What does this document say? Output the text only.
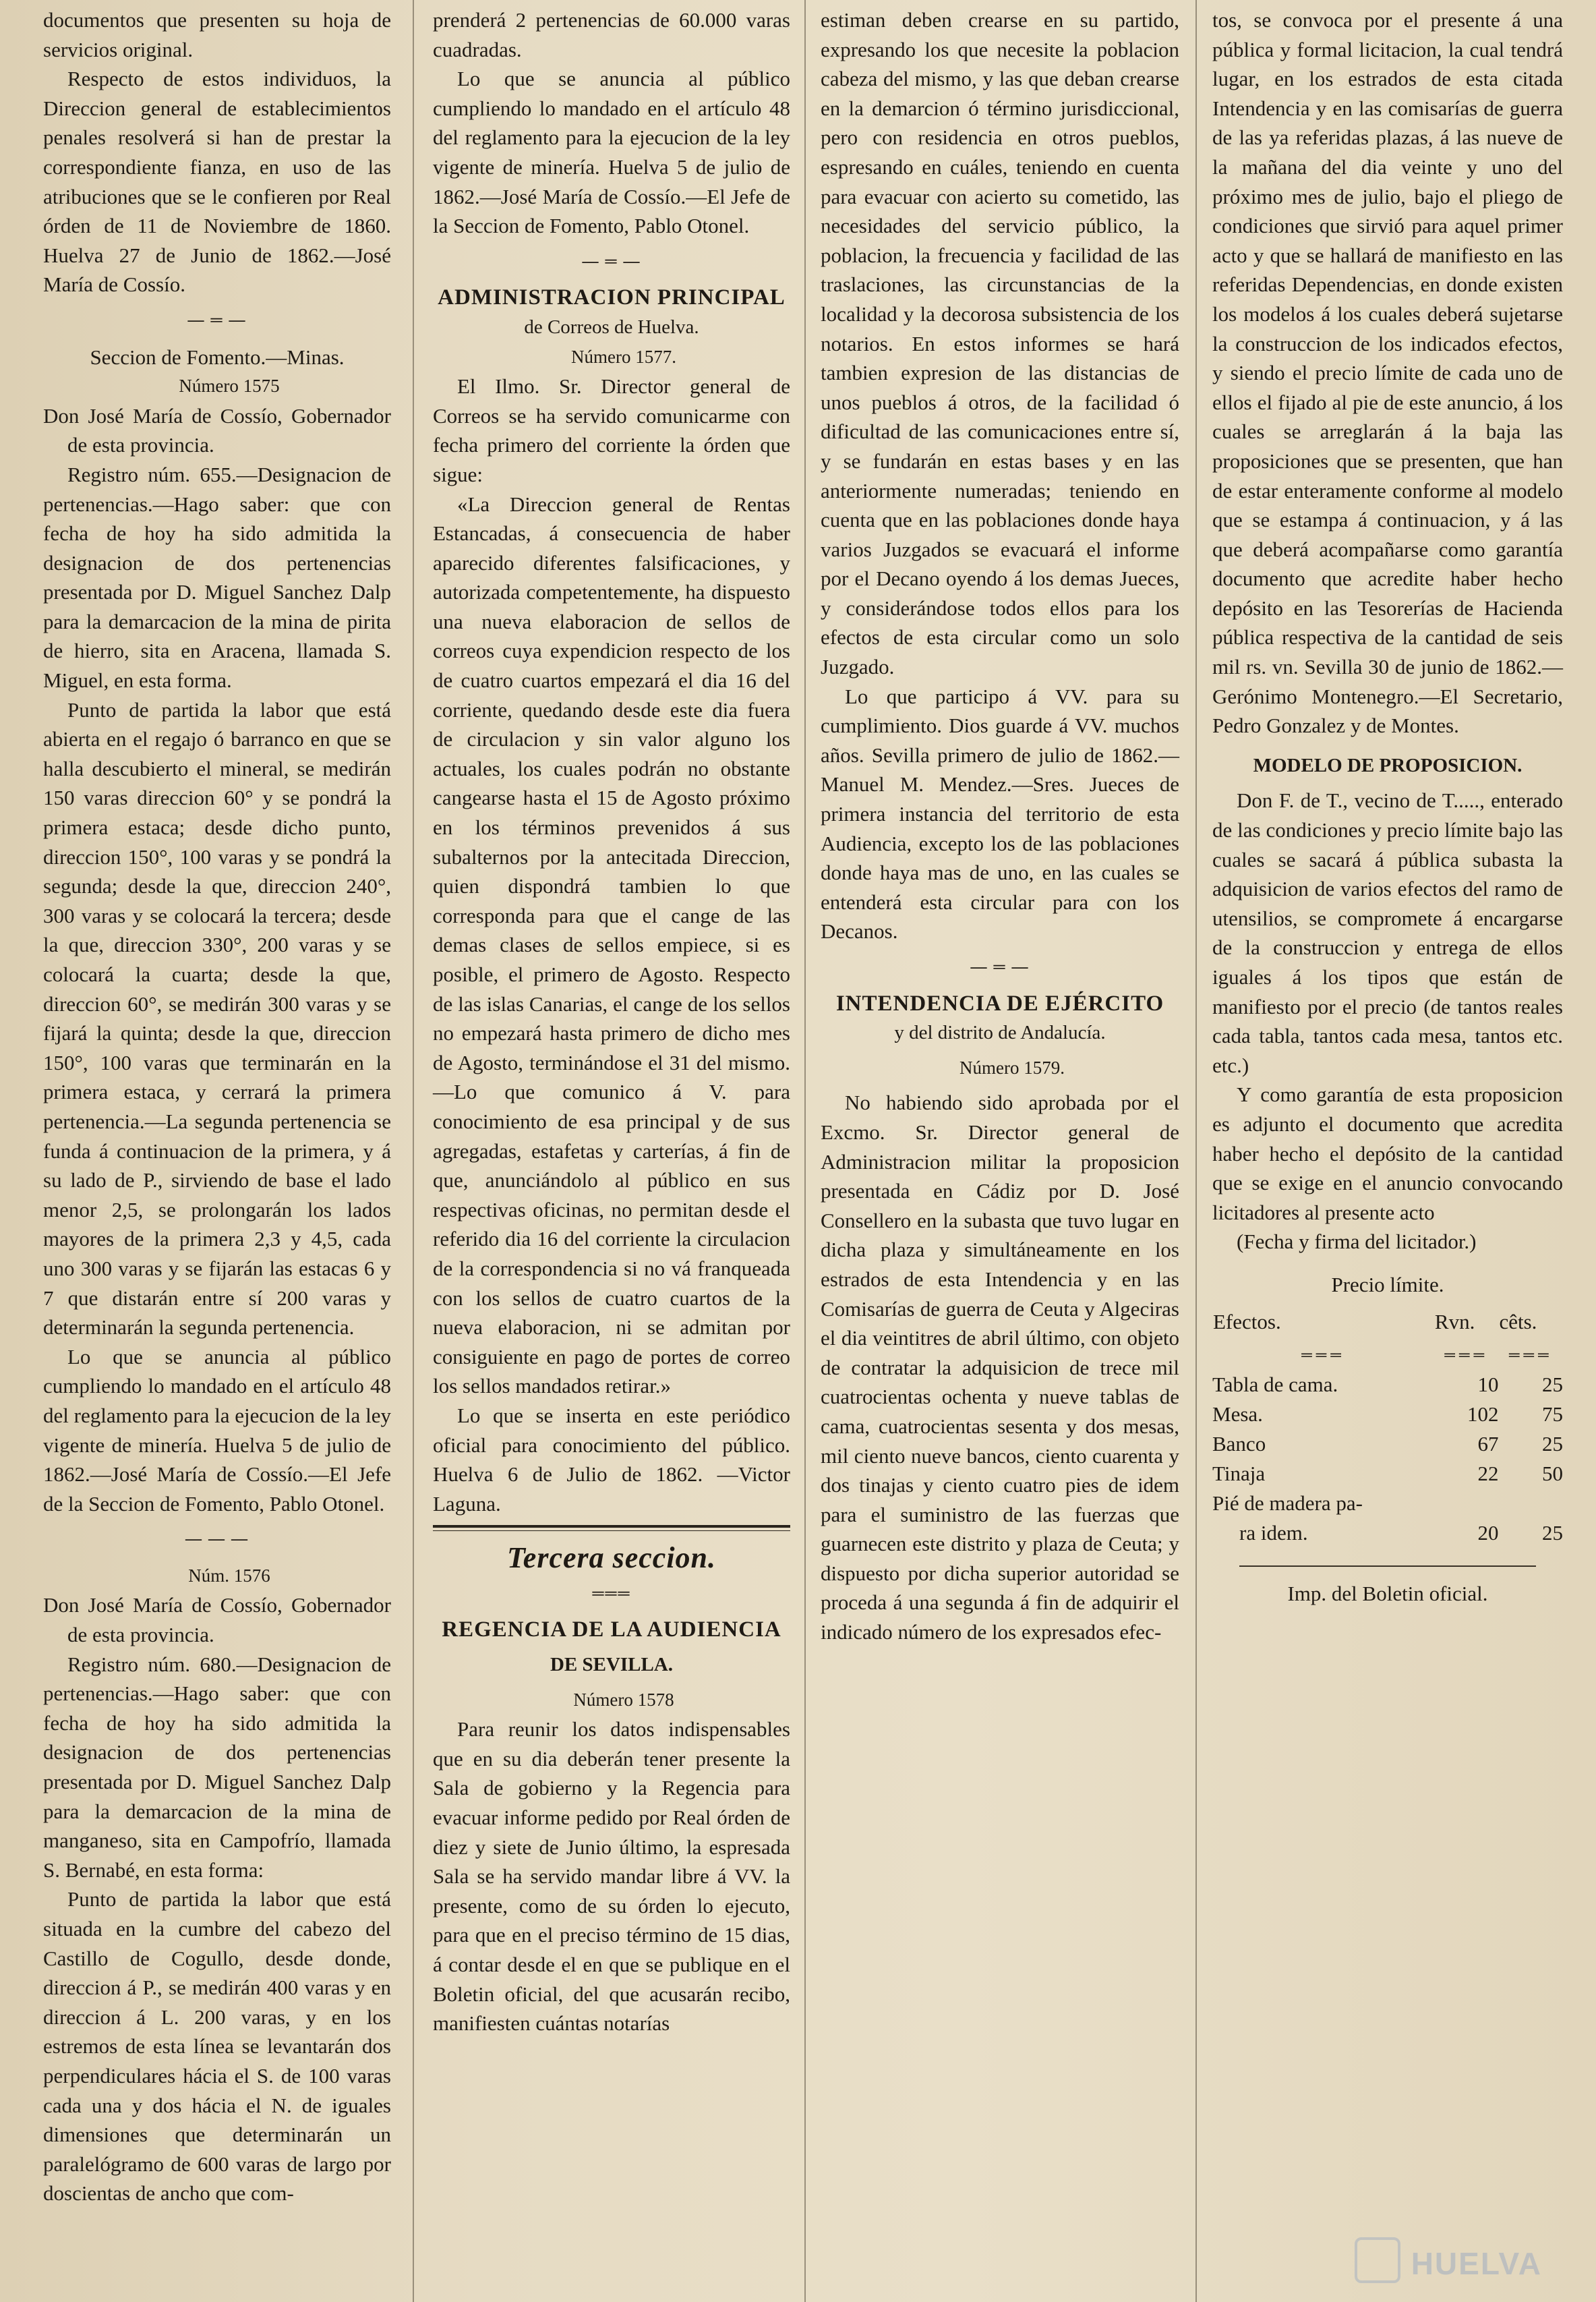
documentos que presenten su hoja de servicios original.

Respecto de estos individuos, la Direccion general de establecimientos penales resolverá si han de prestar la correspondiente fianza, en uso de las atribuciones que se le confieren por Real órden de 11 de Noviembre de 1860. Huelva 27 de Junio de 1862.—José María de Cossío.

— ═ —
Seccion de Fomento.—Minas.

Número 1575

Don José María de Cossío, Gobernador de esta provincia.

Registro núm. 655.—Designacion de pertenencias.—Hago saber: que con fecha de hoy ha sido admitida la designacion de dos pertenencias presentada por D. Miguel Sanchez Dalp para la demarcacion de la mina de pirita de hierro, sita en Aracena, llamada S. Miguel, en esta forma.

Punto de partida la labor que está abierta en el regajo ó barranco en que se halla descubierto el mineral, se medirán 150 varas direccion 60° y se pondrá la primera estaca; desde dicho punto, direccion 150°, 100 varas y se pondrá la segunda; desde la que, direccion 240°, 300 varas y se colocará la tercera; desde la que, direccion 330°, 200 varas y se colocará la cuarta; desde la que, direccion 60°, se medirán 300 varas y se fijará la quinta; desde la que, direccion 150°, 100 varas que terminarán en la primera estaca, y cerrará la primera pertenencia.—La segunda pertenencia se funda á continuacion de la primera, y á su lado de P., sirviendo de base el lado menor 2,5, se prolongarán los lados mayores de la primera 2,3 y 4,5, cada uno 300 varas y se fijarán las estacas 6 y 7 que distarán entre sí 200 varas y determinarán la segunda pertenencia.

Lo que se anuncia al público cumpliendo lo mandado en el artículo 48 del reglamento para la ejecucion de la ley vigente de minería. Huelva 5 de julio de 1862.—José María de Cossío.—El Jefe de la Seccion de Fomento, Pablo Otonel.

— — —

Núm. 1576

Don José María de Cossío, Gobernador de esta provincia.

Registro núm. 680.—Designacion de pertenencias.—Hago saber: que con fecha de hoy ha sido admitida la designacion de dos pertenencias presentada por D. Miguel Sanchez Dalp para la demarcacion de la mina de manganeso, sita en Campofrío, llamada S. Bernabé, en esta forma:

Punto de partida la labor que está situada en la cumbre del cabezo del Castillo de Cogullo, desde donde, direccion á P., se medirán 400 varas y en direccion á L. 200 varas, y en los estremos de esta línea se levantarán dos perpendiculares hácia el S. de 100 varas cada una y dos hácia el N. de iguales dimensiones que determinarán un paralelógramo de 600 varas de largo por doscientas de ancho que com-

prenderá 2 pertenencias de 60.000 varas cuadradas.

Lo que se anuncia al público cumpliendo lo mandado en el artículo 48 del reglamento para la ejecucion de la ley vigente de minería. Huelva 5 de julio de 1862.—José María de Cossío.—El Jefe de la Seccion de Fomento, Pablo Otonel.

— ═ —
ADMINISTRACION PRINCIPAL
de Correos de Huelva.

Número 1577.

El Ilmo. Sr. Director general de Correos se ha servido comunicarme con fecha primero del corriente la órden que sigue:

«La Direccion general de Rentas Estancadas, á consecuencia de haber aparecido diferentes falsificaciones, y autorizada competentemente, ha dispuesto una nueva elaboracion de sellos de correos cuya expendicion respecto de los de cuatro cuartos empezará el dia 16 del corriente, quedando desde este dia fuera de circulacion y sin valor alguno los actuales, los cuales podrán no obstante cangearse hasta el 15 de Agosto próximo en los términos prevenidos á sus subalternos por la antecitada Direccion, quien dispondrá tambien lo que corresponda para que el cange de las demas clases de sellos empiece, si es posible, el primero de Agosto. Respecto de las islas Canarias, el cange de los sellos no empezará hasta primero de dicho mes de Agosto, terminándose el 31 del mismo.—Lo que comunico á V. para conocimiento de esa principal y de sus agregadas, estafetas y carterías, á fin de que, anunciándolo al público en sus respectivas oficinas, no permitan desde el referido dia 16 del corriente la circulacion de la correspondencia si no vá franqueada con los sellos de cuatro cuartos de la nueva elaboracion, ni se admitan por consiguiente en pago de portes de correo los sellos mandados retirar.»

Lo que se inserta en este periódico oficial para conocimiento del público. Huelva 6 de Julio de 1862. —Victor Laguna.

Tercera seccion.
═══
REGENCIA DE LA AUDIENCIA
DE SEVILLA.

Número 1578

Para reunir los datos indispensables que en su dia deberán tener presente la Sala de gobierno y la Regencia para evacuar informe pedido por Real órden de diez y siete de Junio último, la espresada Sala se ha servido mandar libre á VV. la presente, como de su órden lo ejecuto, para que en el preciso término de 15 dias, á contar desde el en que se publique en el Boletin oficial, del que acusarán recibo, manifiesten cuántas notarías

estiman deben crearse en su partido, expresando los que necesite la poblacion cabeza del mismo, y las que deban crearse en la demarcion ó término jurisdiccional, pero con residencia en otros pueblos, espresando en cuáles, teniendo en cuenta para evacuar con acierto su cometido, las necesidades del servicio público, la poblacion, la frecuencia y facilidad de las traslaciones, las circunstancias de la localidad y la decorosa subsistencia de los notarios. En estos informes se hará tambien expresion de las distancias de unos pueblos á otros, de la facilidad ó dificultad de las comunicaciones entre sí, y se fundarán en estas bases y en las anteriormente numeradas; teniendo en cuenta que en las poblaciones donde haya varios Juzgados se evacuará el informe por el Decano oyendo á los demas Jueces, y considerándose todos ellos para los efectos de esta circular como un solo Juzgado.

Lo que participo á VV. para su cumplimiento. Dios guarde á VV. muchos años. Sevilla primero de julio de 1862.—Manuel M. Mendez.—Sres. Jueces de primera instancia del territorio de esta Audiencia, excepto los de las poblaciones donde haya mas de uno, en las cuales se entenderá esta circular para con los Decanos.

— ═ —
INTENDENCIA DE EJÉRCITO
y del distrito de Andalucía.

Número 1579.

No habiendo sido aprobada por el Excmo. Sr. Director general de Administracion militar la proposicion presentada en Cádiz por D. José Consellero en la subasta que tuvo lugar en dicha plaza y simultáneamente en los estrados de esta Intendencia y en las Comisarías de guerra de Ceuta y Algeciras el dia veintitres de abril último, con objeto de contratar la adquisicion de trece mil cuatrocientas ochenta y nueve tablas de cama, cuatrocientas sesenta y dos mesas, mil ciento nueve bancos, ciento cuarenta y dos tinajas y ciento cuatro pies de idem para el suministro de las fuerzas que guarnecen este distrito y plaza de Ceuta; y dispuesto por dicha superior autoridad se proceda á una segunda á fin de adquirir el indicado número de los expresados efec-

tos, se convoca por el presente á una pública y formal licitacion, la cual tendrá lugar, en los estrados de esta citada Intendencia y en las comisarías de guerra de las ya referidas plazas, á las nueve de la mañana del dia veinte y uno del próximo mes de julio, bajo el pliego de condiciones que sirvió para aquel primer acto y que se hallará de manifiesto en las referidas Dependencias, en donde existen los modelos á los cuales deberá sujetarse la construccion de los indicados efectos, y siendo el precio límite de cada uno de ellos el fijado al pie de este anuncio, á los cuales se arreglarán á la baja las proposiciones que se presenten, que han de estar enteramente conforme al modelo que se estampa á continuacion, y á las que deberá acompañarse como garantía documento que acredite haber hecho depósito en las Tesorerías de Hacienda pública respectiva de la cantidad de seis mil rs. vn. Sevilla 30 de junio de 1862.—Gerónimo Montenegro.—El Secretario, Pedro Gonzalez y de Montes.

MODELO DE PROPOSICION.

Don F. de T., vecino de T....., enterado de las condiciones y precio límite bajo las cuales se sacará á pública subasta la adquisicion de varios efectos del ramo de utensilios, se compromete á encargarse de la construccion y entrega de ellos iguales á los tipos que están de manifiesto por el precio (de tantos reales cada tabla, tantos cada mesa, tantos etc. etc.)

Y como garantía de esta proposicion es adjunto el documento que acredita haber hecho el depósito de la cantidad que se exige en el anuncio convocando licitadores al presente acto

(Fecha y firma del licitador.)

Precio límite.
Efectos.	Rvn.	cêts.
═══	═══	═══
Tabla de cama.	10	25
Mesa.	102	75
Banco	67	25
Tinaja	22	50
Pié de madera pa-		
ra idem.	20	25
Imp. del Boletin oficial.
HUELVA
